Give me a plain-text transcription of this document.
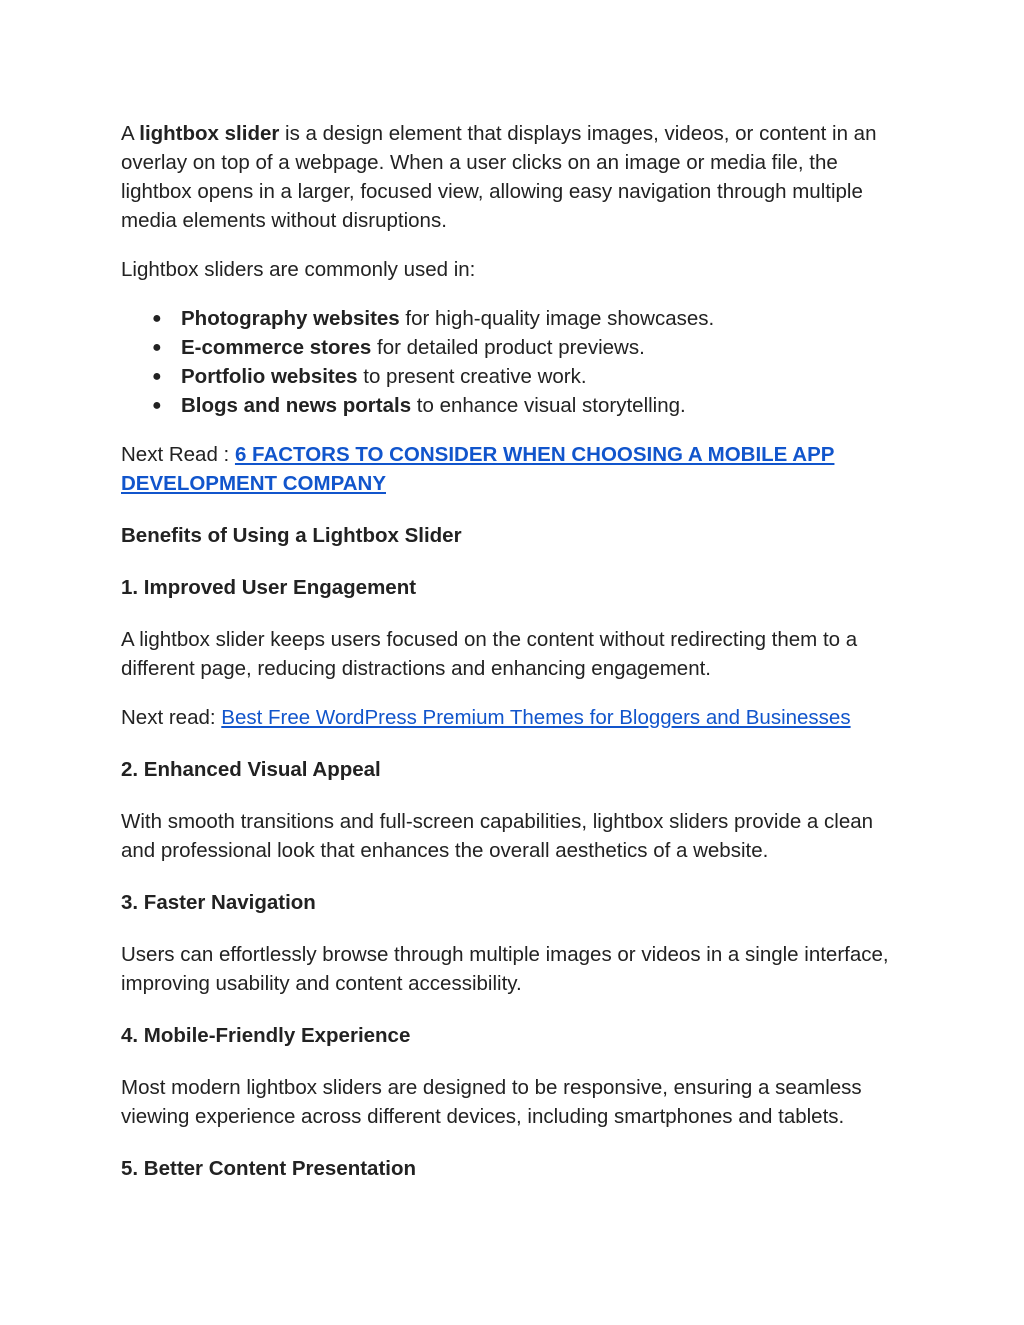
A lightbox slider is a design element that displays images, videos, or content in an overlay on top of a webpage. When a user clicks on an image or media file, the lightbox opens in a larger, focused view, allowing easy navigation through multiple media elements without disruptions.

Lightbox sliders are commonly used in:

● Photography websites for high-quality image showcases.
● E-commerce stores for detailed product previews.
● Portfolio websites to present creative work.
● Blogs and news portals to enhance visual storytelling.

Next Read : 6 FACTORS TO CONSIDER WHEN CHOOSING A MOBILE APP DEVELOPMENT COMPANY

Benefits of Using a Lightbox Slider
1. Improved User Engagement

A lightbox slider keeps users focused on the content without redirecting them to a different page, reducing distractions and enhancing engagement.

Next read: Best Free WordPress Premium Themes for Bloggers and Businesses

2. Enhanced Visual Appeal

With smooth transitions and full-screen capabilities, lightbox sliders provide a clean and professional look that enhances the overall aesthetics of a website.

3. Faster Navigation

Users can effortlessly browse through multiple images or videos in a single interface, improving usability and content accessibility.

4. Mobile-Friendly Experience

Most modern lightbox sliders are designed to be responsive, ensuring a seamless viewing experience across different devices, including smartphones and tablets.

5. Better Content Presentation
